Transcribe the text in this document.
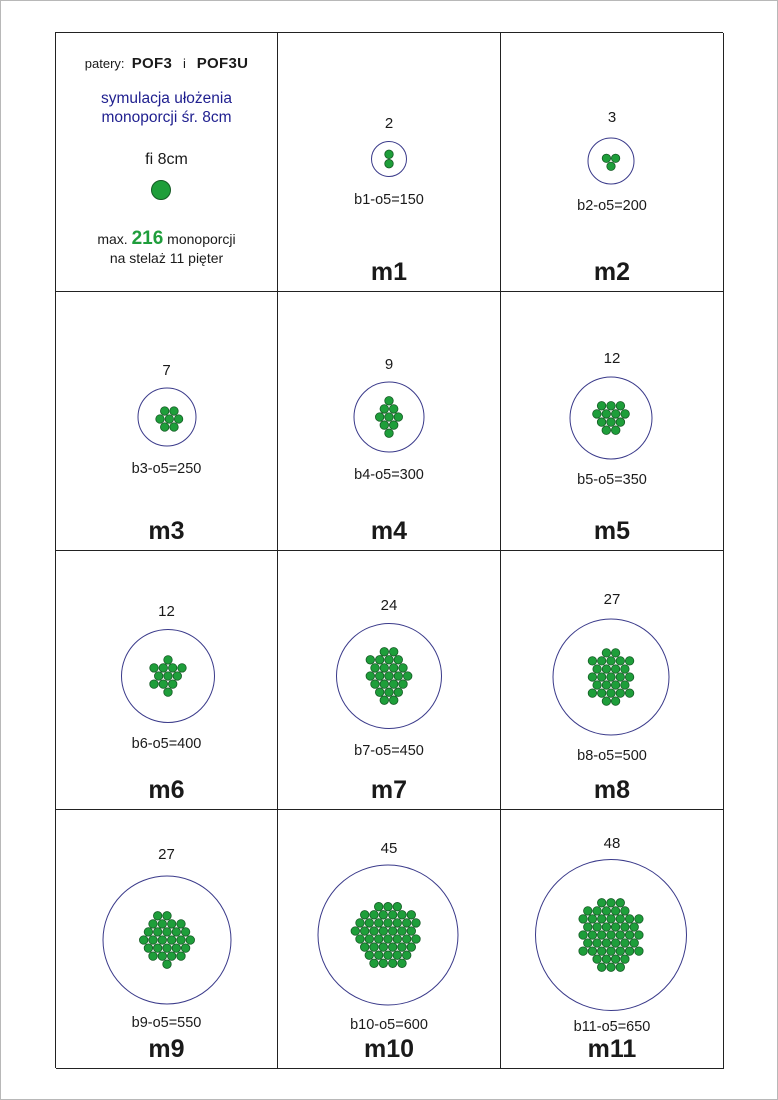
patery: POF3 i POF3U
symulacja ułożenia
monoporcji śr. 8cm
fi 8cm
max. 216 monoporcji
na stelaż 11 pięter
2
b1-o5=150
m1
3
b2-o5=200
m2
7
b3-o5=250
m3
9
b4-o5=300
m4
12
b5-o5=350
m5
12
b6-o5=400
m6
24
b7-o5=450
m7
27
b8-o5=500
m8
27
b9-o5=550
m9
45
b10-o5=600
m10
48
b11-o5=650
m11
